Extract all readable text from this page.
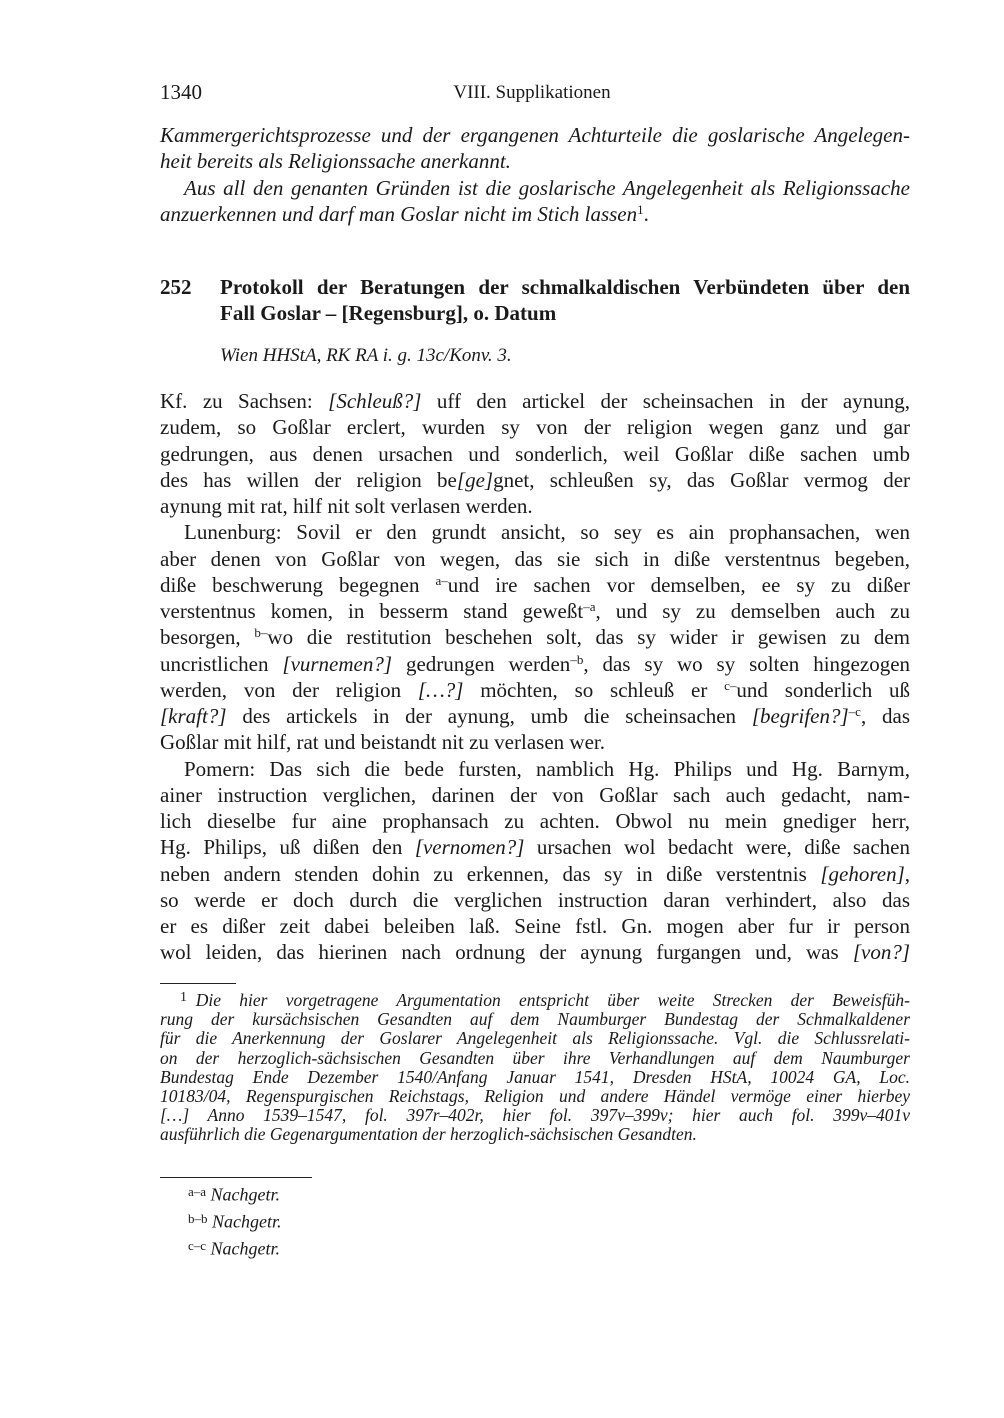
1340	VIII. Supplikationen
Kammergerichtsprozesse und der ergangenen Achturteile die goslarische Angelegen-
heit bereits als Religionssache anerkannt.
Aus all den genanten Gründen ist die goslarische Angelegenheit als Religionssache
anzuerkennen und darf man Goslar nicht im Stich lassen$^1$.
252 Protokoll der Beratungen der schmalkaldischen Verbündeten über den
Fall Goslar – [Regensburg], o. Datum
Wien HHStA, RK RA i. g. 13c/Konv. 3.
Kf. zu Sachsen: [Schleuß?] uff den artickel der scheinsachen in der aynung,
zudem, so Goßlar erclert, wurden sy von der religion wegen ganz und gar
gedrungen, aus denen ursachen und sonderlich, weil Goßlar diße sachen umb
des has willen der religion be[ge]gnet, schleußen sy, das Goßlar vermog der
aynung mit rat, hilf nit solt verlasen werden.
Lunenburg: Sovil er den grundt ansicht, so sey es ain prophansachen, wen
aber denen von Goßlar von wegen, das sie sich in diße verstentnus begeben,
diße beschwerung begegnen $^{a-}$und ire sachen vor demselben, ee sy zu dißer
verstentnus komen, in besserm stand geweßt$^{-a}$, und sy zu demselben auch zu
besorgen, $^{b-}$wo die restitution beschehen solt, das sy wider ir gewisen zu dem
uncristlichen [vurnemen?] gedrungen werden$^{-b}$, das sy wo sy solten hingezogen
werden, von der religion […?] möchten, so schleuß er $^{c-}$und sonderlich uß
[kraft?] des artickels in der aynung, umb die scheinsachen [begrifen?]$^{-c}$, das
Goßlar mit hilf, rat und beistandt nit zu verlasen wer.
Pomern: Das sich die bede fursten, namblich Hg. Philips und Hg. Barnym,
ainer instruction verglichen, darinen der von Goßlar sach auch gedacht, nam-
lich dieselbe fur aine prophansach zu achten. Obwol nu mein gnediger herr,
Hg. Philips, uß dißen den [vernomen?] ursachen wol bedacht were, diße sachen
neben andern stenden dohin zu erkennen, das sy in diße verstentnis [gehoren],
so werde er doch durch die verglichen instruction daran verhindert, also das
er es dißer zeit dabei beleiben laß. Seine fstl. Gn. mogen aber fur ir person
wol leiden, das hierinen nach ordnung der aynung furgangen und, was [von?]
$^1$  Die hier vorgetragene Argumentation entspricht über weite Strecken der Beweisfüh-
rung der kursächsischen Gesandten auf dem Naumburger Bundestag der Schmalkaldener
für die Anerkennung der Goslarer Angelegenheit als Religionssache. Vgl. die Schlussrelati-
on der herzoglich-sächsischen Gesandten über ihre Verhandlungen auf dem Naumburger
Bundestag Ende Dezember 1540/Anfang Januar 1541, Dresden HStA, 10024 GA, Loc.
10183/04, Regenspurgischen Reichstags, Religion und andere Händel vermöge einer hierbey
[…] Anno 1539–1547, fol. 397r–402r, hier fol. 397v–399v; hier auch fol. 399v–401v
ausführlich die Gegenargumentation der herzoglich-sächsischen Gesandten.
$^{a-a}$ Nachgetr.
$^{b-b}$ Nachgetr.
$^{c-c}$ Nachgetr.
